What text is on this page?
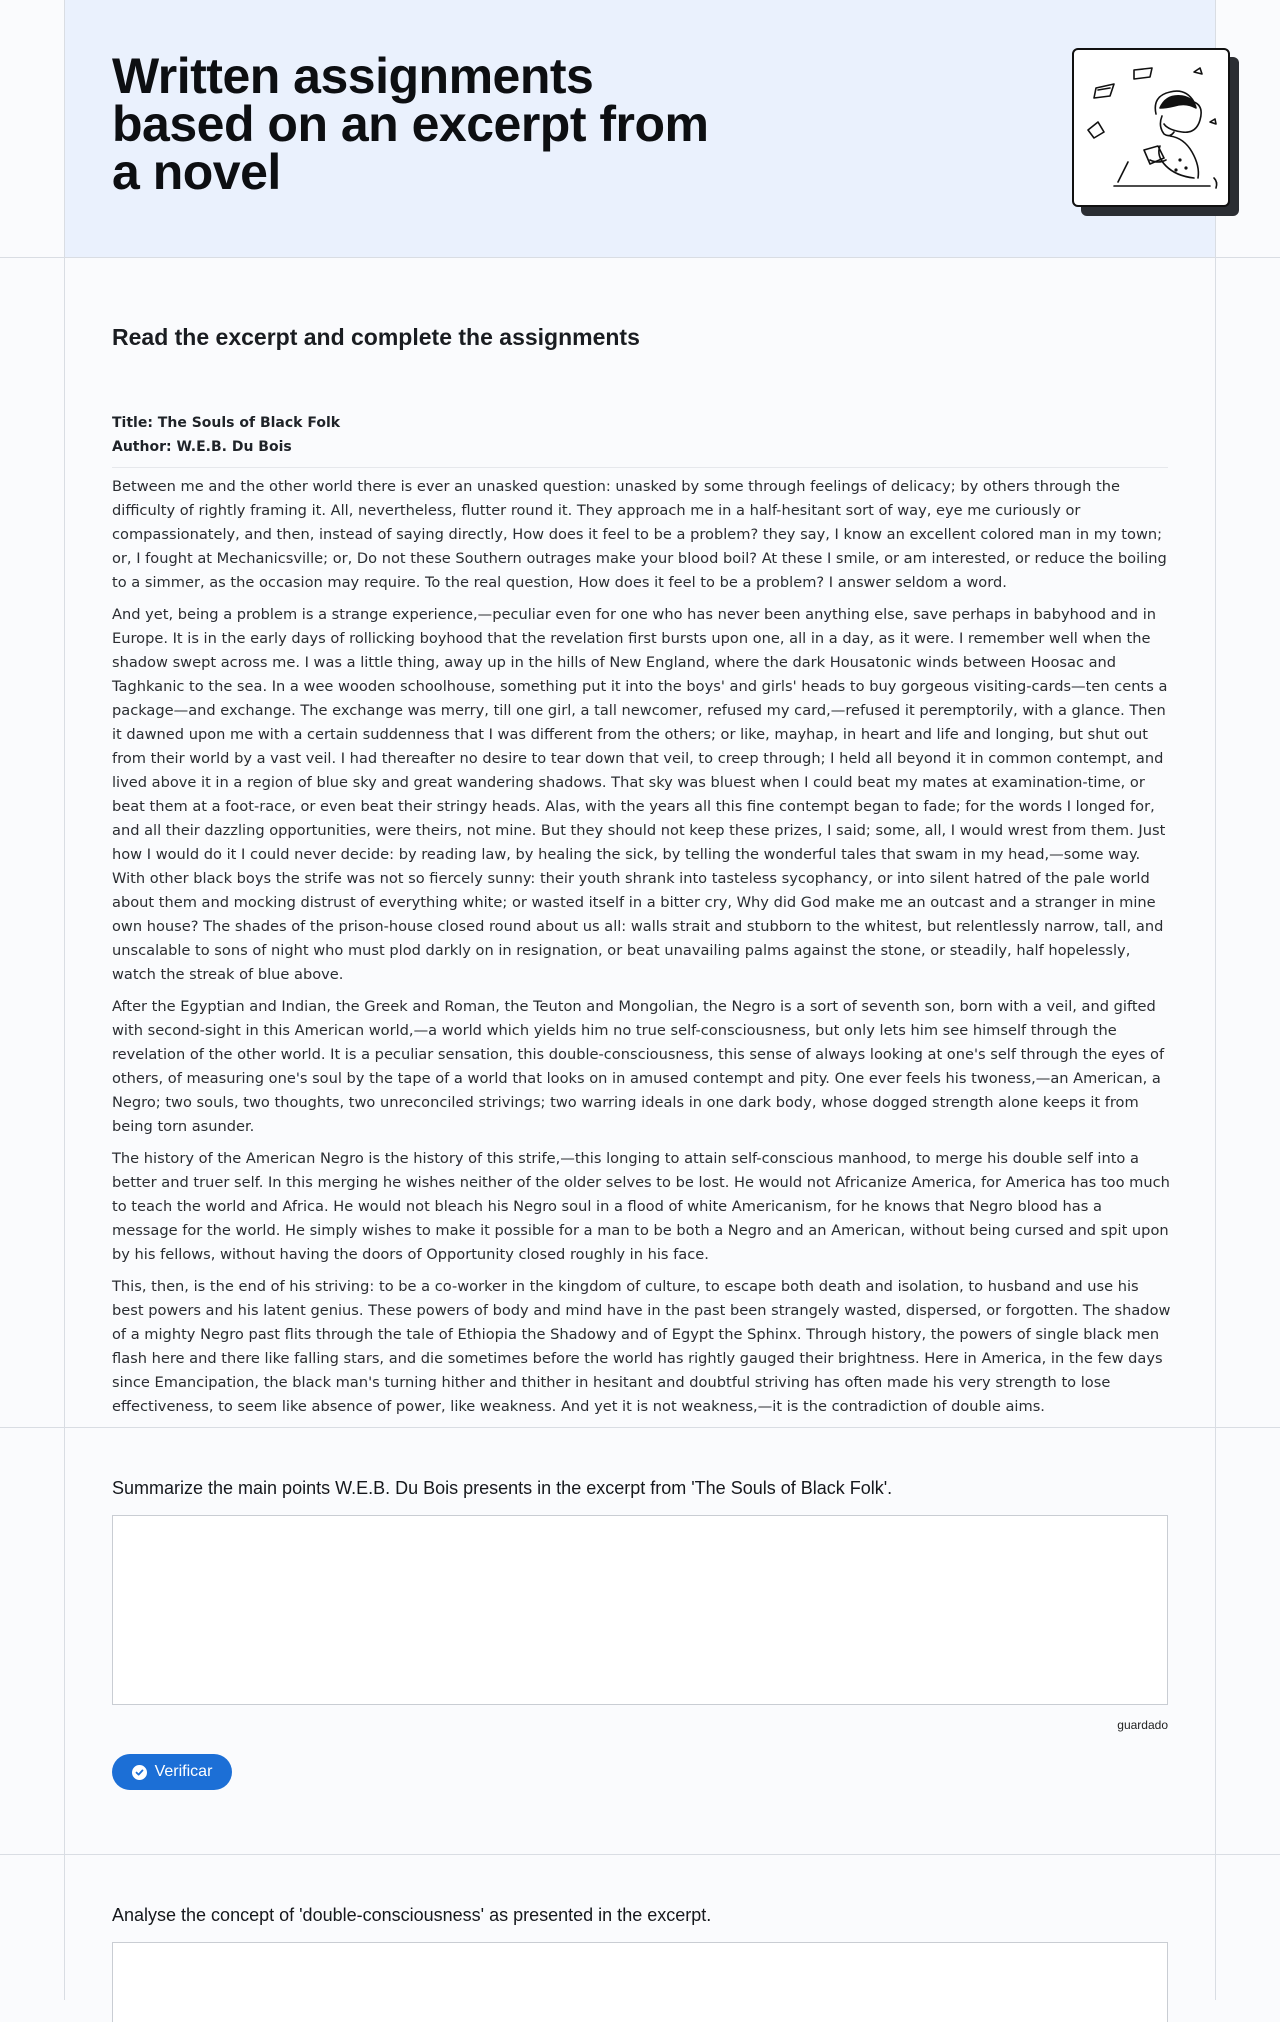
Written assignments based on an excerpt from a novel
Read the excerpt and complete the assignments
Title: The Souls of Black Folk
Author: W.E.B. Du Bois

Between me and the other world there is ever an unasked question: unasked by some through feelings of delicacy; by others through the difficulty of rightly framing it. All, nevertheless, flutter round it. They approach me in a half-hesitant sort of way, eye me curiously or compassionately, and then, instead of saying directly, How does it feel to be a problem? they say, I know an excellent colored man in my town; or, I fought at Mechanicsville; or, Do not these Southern outrages make your blood boil? At these I smile, or am interested, or reduce the boiling to a simmer, as the occasion may require. To the real question, How does it feel to be a problem? I answer seldom a word.

And yet, being a problem is a strange experience,—peculiar even for one who has never been anything else, save perhaps in babyhood and in Europe. It is in the early days of rollicking boyhood that the revelation first bursts upon one, all in a day, as it were. I remember well when the shadow swept across me. I was a little thing, away up in the hills of New England, where the dark Housatonic winds between Hoosac and Taghkanic to the sea. In a wee wooden schoolhouse, something put it into the boys' and girls' heads to buy gorgeous visiting-cards—ten cents a package—and exchange. The exchange was merry, till one girl, a tall newcomer, refused my card,—refused it peremptorily, with a glance. Then it dawned upon me with a certain suddenness that I was different from the others; or like, mayhap, in heart and life and longing, but shut out from their world by a vast veil. I had thereafter no desire to tear down that veil, to creep through; I held all beyond it in common contempt, and lived above it in a region of blue sky and great wandering shadows. That sky was bluest when I could beat my mates at examination-time, or beat them at a foot-race, or even beat their stringy heads. Alas, with the years all this fine contempt began to fade; for the words I longed for, and all their dazzling opportunities, were theirs, not mine. But they should not keep these prizes, I said; some, all, I would wrest from them. Just how I would do it I could never decide: by reading law, by healing the sick, by telling the wonderful tales that swam in my head,—some way. With other black boys the strife was not so fiercely sunny: their youth shrank into tasteless sycophancy, or into silent hatred of the pale world about them and mocking distrust of everything white; or wasted itself in a bitter cry, Why did God make me an outcast and a stranger in mine own house? The shades of the prison-house closed round about us all: walls strait and stubborn to the whitest, but relentlessly narrow, tall, and unscalable to sons of night who must plod darkly on in resignation, or beat unavailing palms against the stone, or steadily, half hopelessly, watch the streak of blue above.

After the Egyptian and Indian, the Greek and Roman, the Teuton and Mongolian, the Negro is a sort of seventh son, born with a veil, and gifted with second-sight in this American world,—a world which yields him no true self-consciousness, but only lets him see himself through the revelation of the other world. It is a peculiar sensation, this double-consciousness, this sense of always looking at one's self through the eyes of others, of measuring one's soul by the tape of a world that looks on in amused contempt and pity. One ever feels his twoness,—an American, a Negro; two souls, two thoughts, two unreconciled strivings; two warring ideals in one dark body, whose dogged strength alone keeps it from being torn asunder.

The history of the American Negro is the history of this strife,—this longing to attain self-conscious manhood, to merge his double self into a better and truer self. In this merging he wishes neither of the older selves to be lost. He would not Africanize America, for America has too much to teach the world and Africa. He would not bleach his Negro soul in a flood of white Americanism, for he knows that Negro blood has a message for the world. He simply wishes to make it possible for a man to be both a Negro and an American, without being cursed and spit upon by his fellows, without having the doors of Opportunity closed roughly in his face.

This, then, is the end of his striving: to be a co-worker in the kingdom of culture, to escape both death and isolation, to husband and use his best powers and his latent genius. These powers of body and mind have in the past been strangely wasted, dispersed, or forgotten. The shadow of a mighty Negro past flits through the tale of Ethiopia the Shadowy and of Egypt the Sphinx. Through history, the powers of single black men flash here and there like falling stars, and die sometimes before the world has rightly gauged their brightness. Here in America, in the few days since Emancipation, the black man's turning hither and thither in hesitant and doubtful striving has often made his very strength to lose effectiveness, to seem like absence of power, like weakness. And yet it is not weakness,—it is the contradiction of double aims.

Summarize the main points W.E.B. Du Bois presents in the excerpt from 'The Souls of Black Folk'.

guardado
Verificar

Analyse the concept of 'double-consciousness' as presented in the excerpt.
